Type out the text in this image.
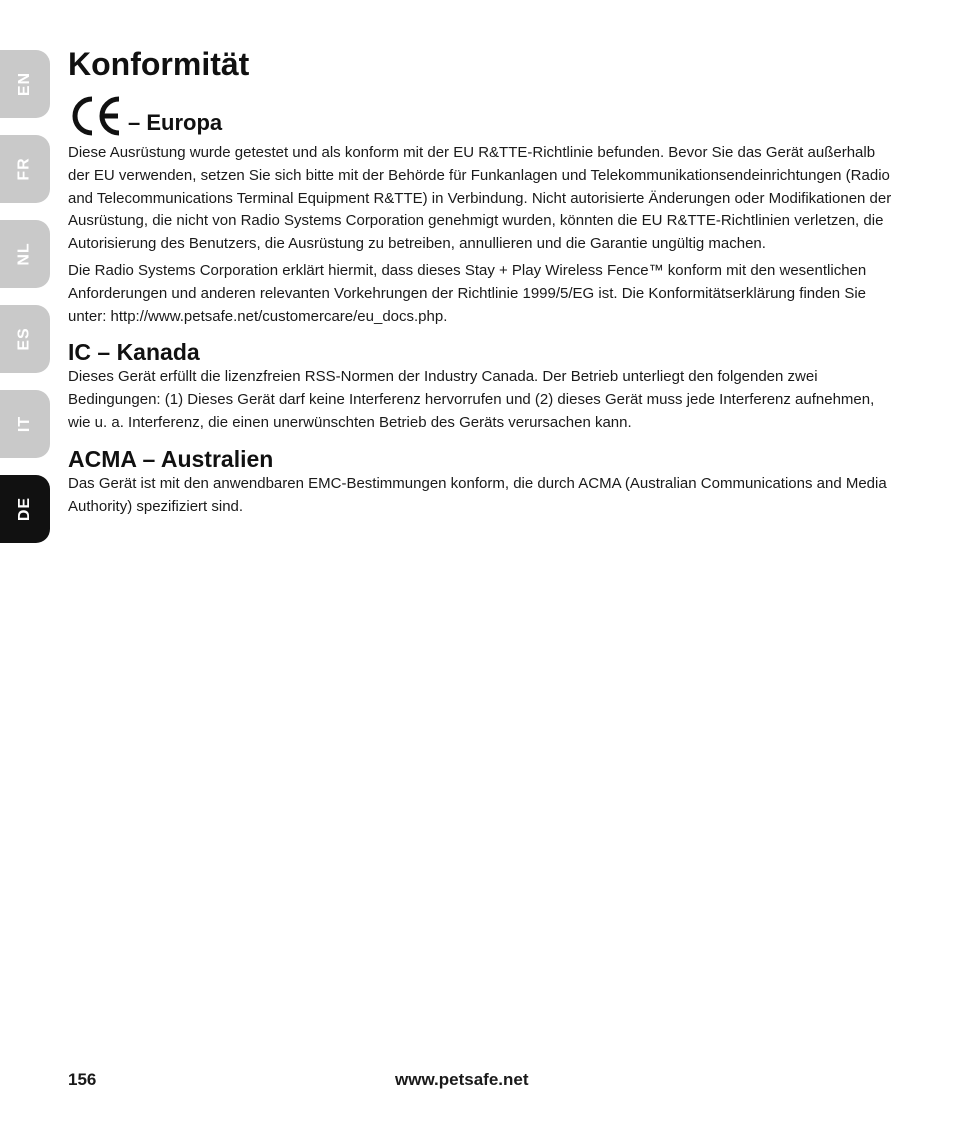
EN
FR
NL
ES
IT
DE
Konformität
– Europa

Diese Ausrüstung wurde getestet und als konform mit der EU R&TTE-Richtlinie befunden. Bevor Sie das Gerät außerhalb der EU verwenden, setzen Sie sich bitte mit der Behörde für Funkanlagen und Telekommunikationsendeinrichtungen (Radio and Telecommunications Terminal Equipment R&TTE) in Verbindung. Nicht autorisierte Änderungen oder Modifikationen der Ausrüstung, die nicht von Radio Systems Corporation genehmigt wurden, könnten die EU R&TTE-Richtlinien verletzen, die Autorisierung des Benutzers, die Ausrüstung zu betreiben, annullieren und die Garantie ungültig machen.

Die Radio Systems Corporation erklärt hiermit, dass dieses Stay + Play Wireless Fence™ konform mit den wesentlichen Anforderungen und anderen relevanten Vorkehrungen der Richtlinie 1999/5/EG ist. Die Konformitätserklärung finden Sie unter: http://www.petsafe.net/customercare/eu_docs.php.

IC – Kanada

Dieses Gerät erfüllt die lizenzfreien RSS-Normen der Industry Canada. Der Betrieb unterliegt den folgenden zwei Bedingungen: (1) Dieses Gerät darf keine Interferenz hervorrufen und (2) dieses Gerät muss jede Interferenz aufnehmen, wie u. a. Interferenz, die einen unerwünschten Betrieb des Geräts verursachen kann.

ACMA – Australien

Das Gerät ist mit den anwendbaren EMC-Bestimmungen konform, die durch ACMA (Australian Communications and Media Authority) spezifiziert sind.

156	www.petsafe.net
